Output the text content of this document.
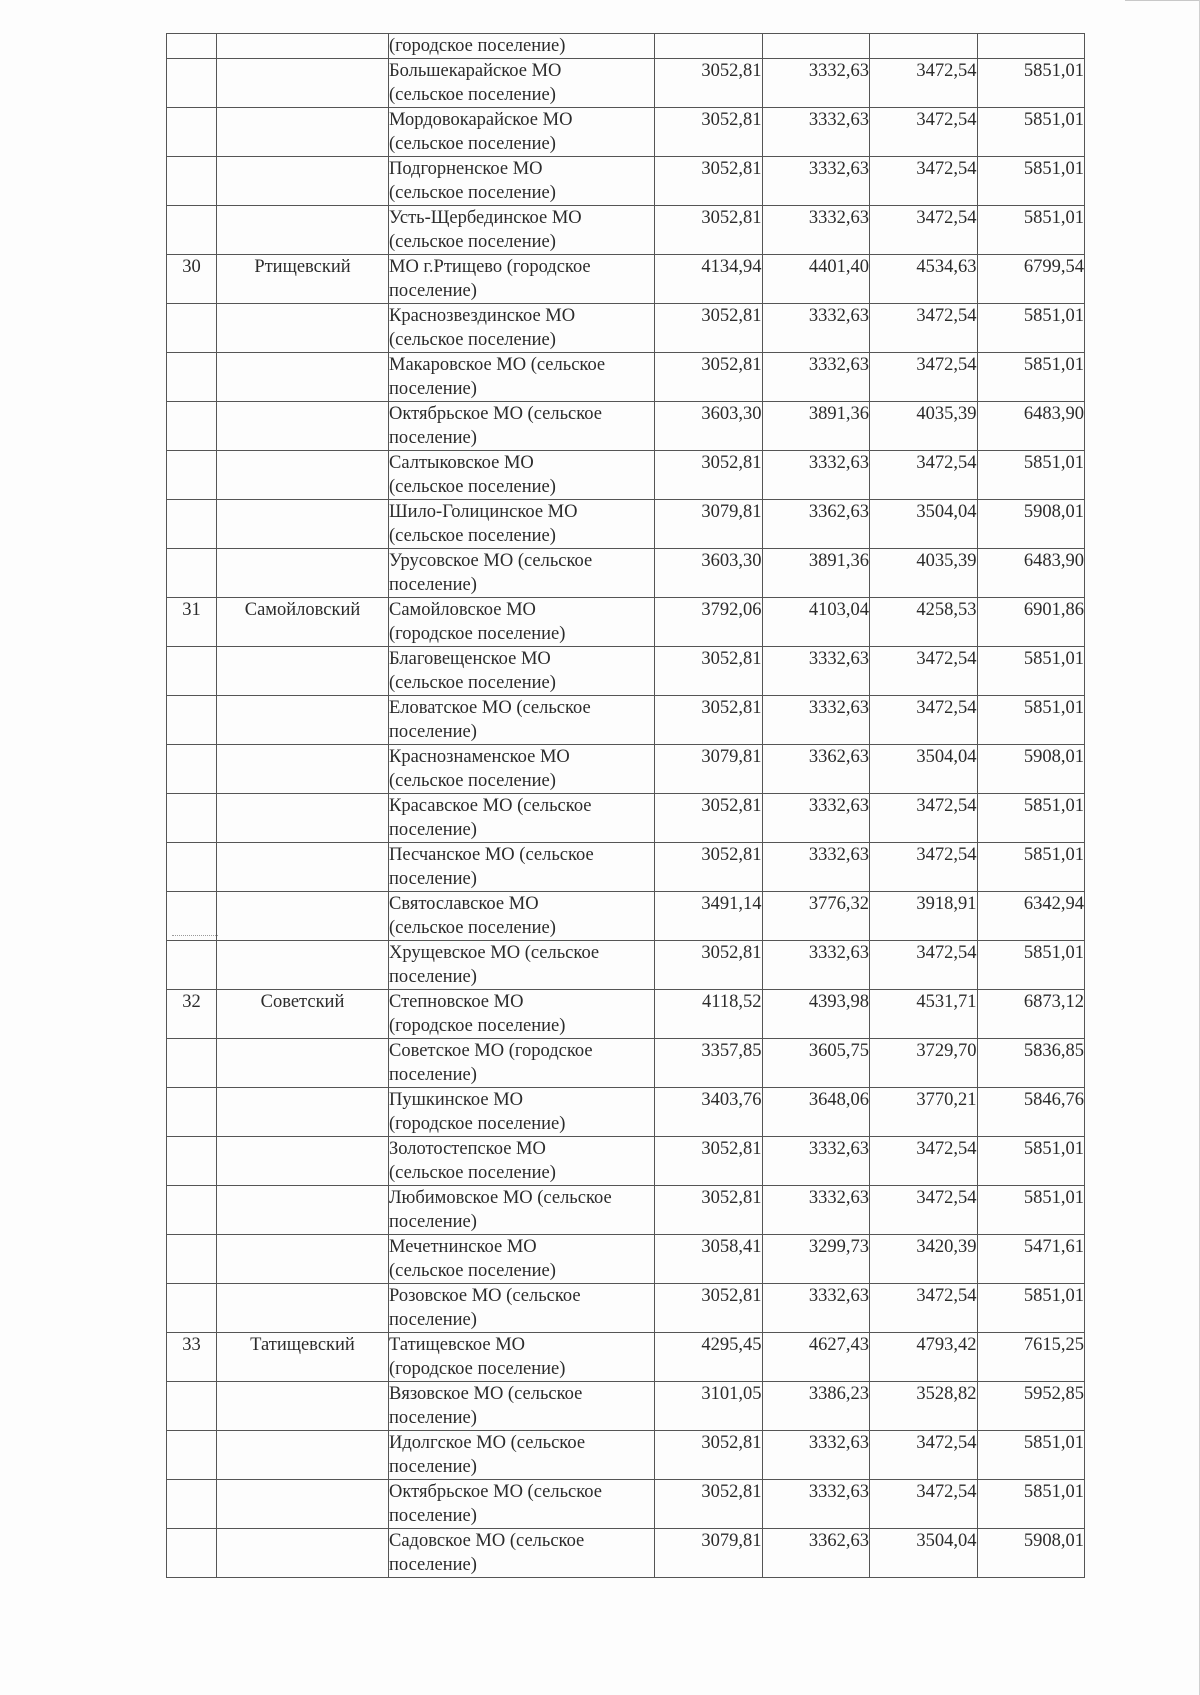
		(городское поселение)				

		Большекарайское МО
(сельское поселение)	3052,81	3332,63	3472,54	5851,01

		Мордовокарайское МО
(сельское поселение)	3052,81	3332,63	3472,54	5851,01

		Подгорненское МО
(сельское поселение)	3052,81	3332,63	3472,54	5851,01

		Усть-Щербединское МО
(сельское поселение)	3052,81	3332,63	3472,54	5851,01
30	Ртищевский	МО г.Ртищево (городское
поселение)	4134,94	4401,40	4534,63	6799,54

		Краснозвездинское МО
(сельское поселение)	3052,81	3332,63	3472,54	5851,01

		Макаровское МО (сельское
поселение)	3052,81	3332,63	3472,54	5851,01

		Октябрьское МО (сельское
поселение)	3603,30	3891,36	4035,39	6483,90

		Салтыковское МО
(сельское поселение)	3052,81	3332,63	3472,54	5851,01

		Шило-Голицинское МО
(сельское поселение)	3079,81	3362,63	3504,04	5908,01

		Урусовское МО (сельское
поселение)	3603,30	3891,36	4035,39	6483,90
31	Самойловский	Самойловское МО
(городское поселение)	3792,06	4103,04	4258,53	6901,86

		Благовещенское МО
(сельское поселение)	3052,81	3332,63	3472,54	5851,01

		Еловатское МО (сельское
поселение)	3052,81	3332,63	3472,54	5851,01

		Краснознаменское МО
(сельское поселение)	3079,81	3362,63	3504,04	5908,01

		Красавское МО (сельское
поселение)	3052,81	3332,63	3472,54	5851,01

		Песчанское МО (сельское
поселение)	3052,81	3332,63	3472,54	5851,01

		Святославское МО
(сельское поселение)	3491,14	3776,32	3918,91	6342,94

		Хрущевское МО (сельское
поселение)	3052,81	3332,63	3472,54	5851,01
32	Советский	Степновское МО
(городское поселение)	4118,52	4393,98	4531,71	6873,12

		Советское МО (городское
поселение)	3357,85	3605,75	3729,70	5836,85

		Пушкинское МО
(городское поселение)	3403,76	3648,06	3770,21	5846,76

		Золотостепское МО
(сельское поселение)	3052,81	3332,63	3472,54	5851,01

		Любимовское МО (сельское
поселение)	3052,81	3332,63	3472,54	5851,01

		Мечетнинское МО
(сельское поселение)	3058,41	3299,73	3420,39	5471,61

		Розовское МО (сельское
поселение)	3052,81	3332,63	3472,54	5851,01
33	Татищевский	Татищевское МО
(городское поселение)	4295,45	4627,43	4793,42	7615,25

		Вязовское МО (сельское
поселение)	3101,05	3386,23	3528,82	5952,85

		Идолгское МО (сельское
поселение)	3052,81	3332,63	3472,54	5851,01

		Октябрьское МО (сельское
поселение)	3052,81	3332,63	3472,54	5851,01

		Садовское МО (сельское
поселение)	3079,81	3362,63	3504,04	5908,01
